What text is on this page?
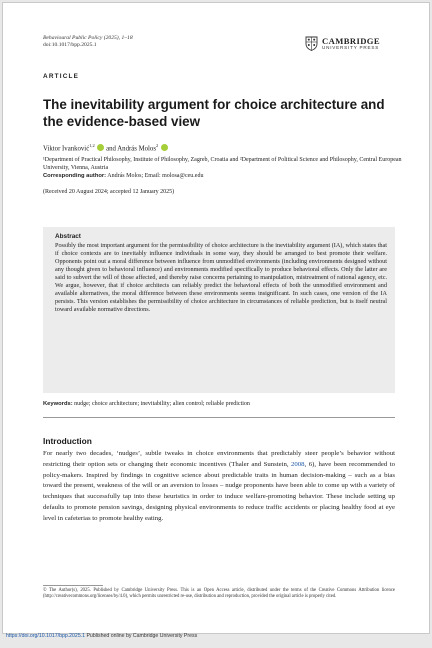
Behavioural Public Policy (2025), 1–18
doi:10.1017/bpp.2025.1	CAMBRIDGE
UNIVERSITY PRESS
ARTICLE
The inevitability argument for choice architecture and the evidence-based view
Viktor Ivanković$^{1,2}$  and András Molos$^2$

¹Department of Practical Philosophy, Institute of Philosophy, Zagreb, Croatia and ²Department of Political Science and Philosophy, Central European University, Vienna, Austria

Corresponding author: András Molos; Email: molosa@ceu.edu
(Received 20 August 2024; accepted 12 January 2025)
Abstract

Possibly the most important argument for the permissibility of choice architecture is the inevitability argument (IA), which states that if choice contexts are to inevitably influence individuals in some way, they should be arranged to best promote their welfare. Opponents point out a moral difference between influence from unmodified environments (including environments designed without any thought given to behavioral influence) and environments modified specifically to produce behavioral effects. Only the latter are said to subvert the will of those affected, and thereby raise concerns pertaining to manipulation, mistreatment of rational agency, etc. We argue, however, that if choice architects can reliably predict the behavioral effects of both the unmodified environment and available alternatives, the moral difference between these environments seems insignificant. In such cases, one version of the IA persists. This version establishes the permissibility of choice architecture in circumstances of reliable prediction, but is itself neutral toward available normative directions.

Keywords: nudge; choice architecture; inevitability; alien control; reliable prediction
Introduction

For nearly two decades, ‘nudges’, subtle tweaks in choice environments that predictably steer people’s behavior without restricting their option sets or changing their economic incentives (Thaler and Sunstein, 2008, 6), have been recommended to policy-makers. Inspired by findings in cognitive science about predictable traits in human decision-making – such as a bias toward the present, weakness of the will or an aversion to losses – nudge proponents have been able to come up with a variety of techniques that successfully tap into these heuristics in order to induce welfare-promoting behavior. These include setting up defaults to promote pension savings, designing physical environments to reduce traffic accidents or placing healthy food at eye level in cafeterias to promote healthy eating.

© The Author(s), 2025. Published by Cambridge University Press. This is an Open Access article, distributed under the terms of the Creative Commons Attribution licence (http://creativecommons.org/licenses/by/4.0), which permits unrestricted re-use, distribution and reproduction, provided the original article is properly cited.

https://doi.org/10.1017/bpp.2025.1 Published online by Cambridge University Press
